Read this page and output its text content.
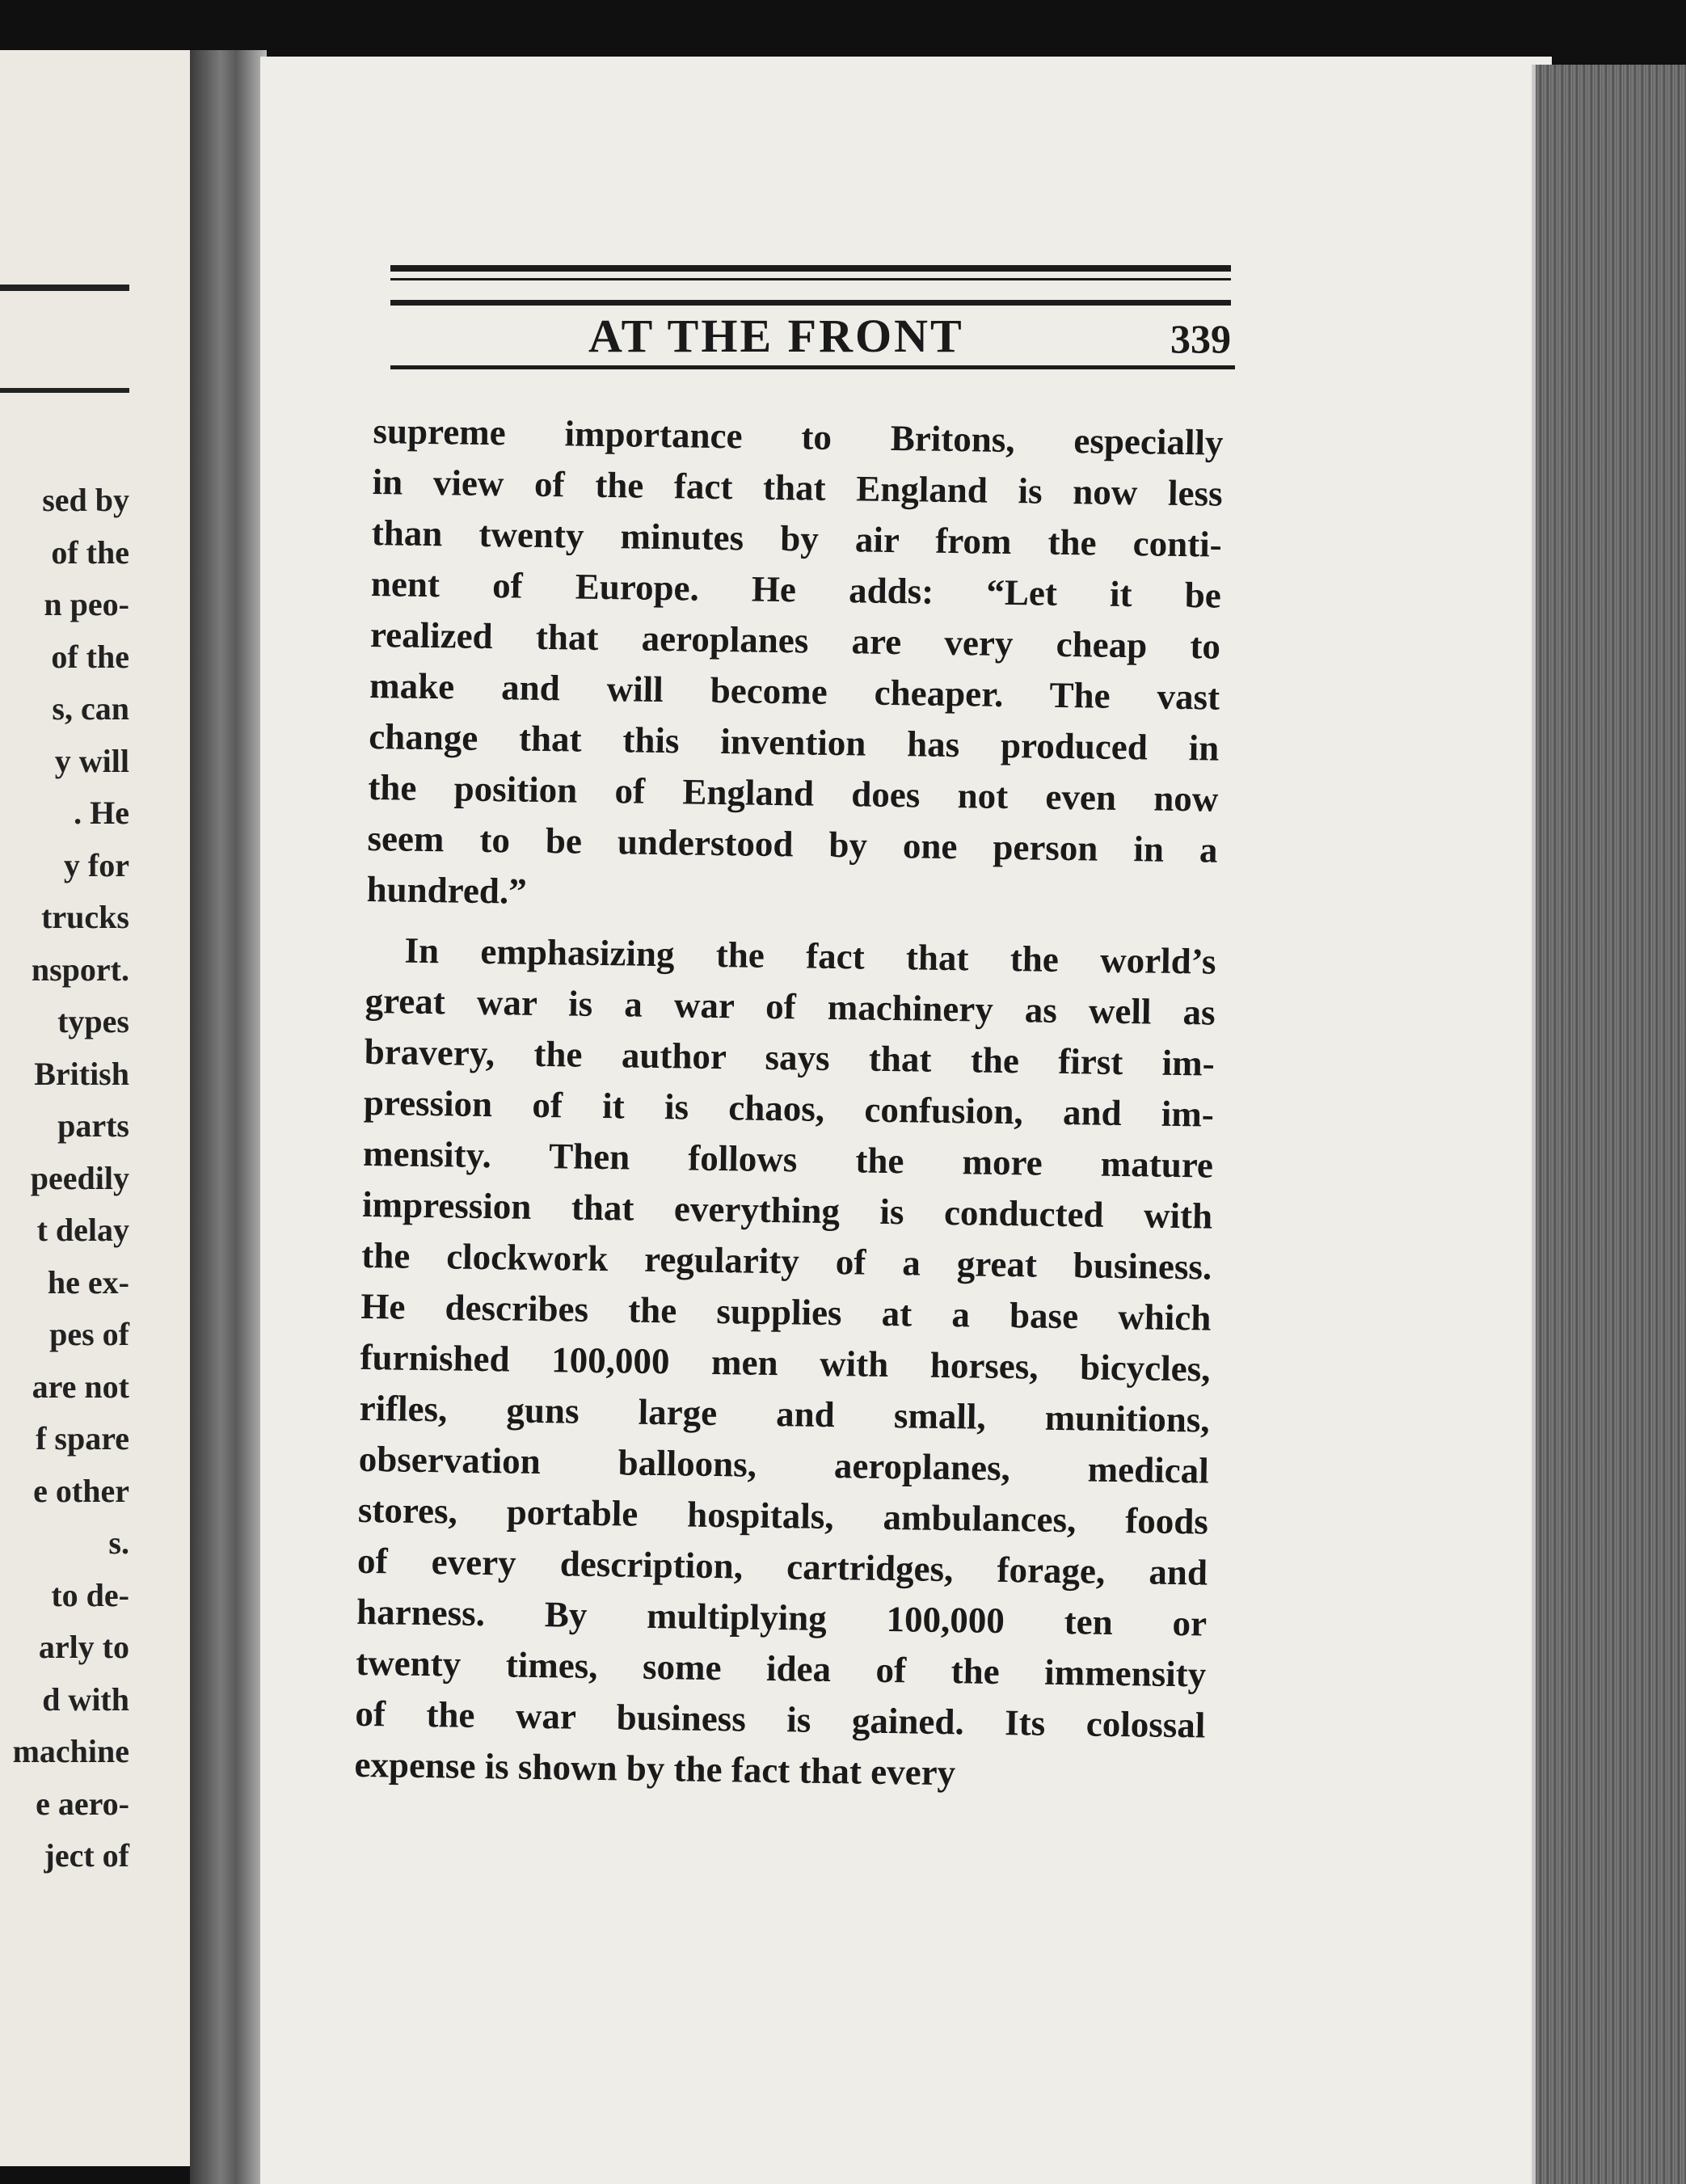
sed by
of the
n peo-
of the
s, can
y will
. He
y for
trucks
nsport.
types
British
parts
peedily
t delay
he ex-
pes of
are not
f spare
e other
s.
to de-
arly to
d with
machine
e aero-
ject of
AT THE FRONT	339
supreme importance to Britons, especially
in view of the fact that England is now less
than twenty minutes by air from the conti-
nent of Europe. He adds: “Let it be
realized that aeroplanes are very cheap to
make and will become cheaper. The vast
change that this invention has produced in
the position of England does not even now
seem to be understood by one person in a
hundred.”
In emphasizing the fact that the world’s
great war is a war of machinery as well as
bravery, the author says that the first im-
pression of it is chaos, confusion, and im-
mensity. Then follows the more mature
impression that everything is conducted with
the clockwork regularity of a great business.
He describes the supplies at a base which
furnished 100,000 men with horses, bicycles,
rifles, guns large and small, munitions,
observation balloons, aeroplanes, medical
stores, portable hospitals, ambulances, foods
of every description, cartridges, forage, and
harness. By multiplying 100,000 ten or
twenty times, some idea of the immensity
of the war business is gained. Its colossal
expense is shown by the fact that every
